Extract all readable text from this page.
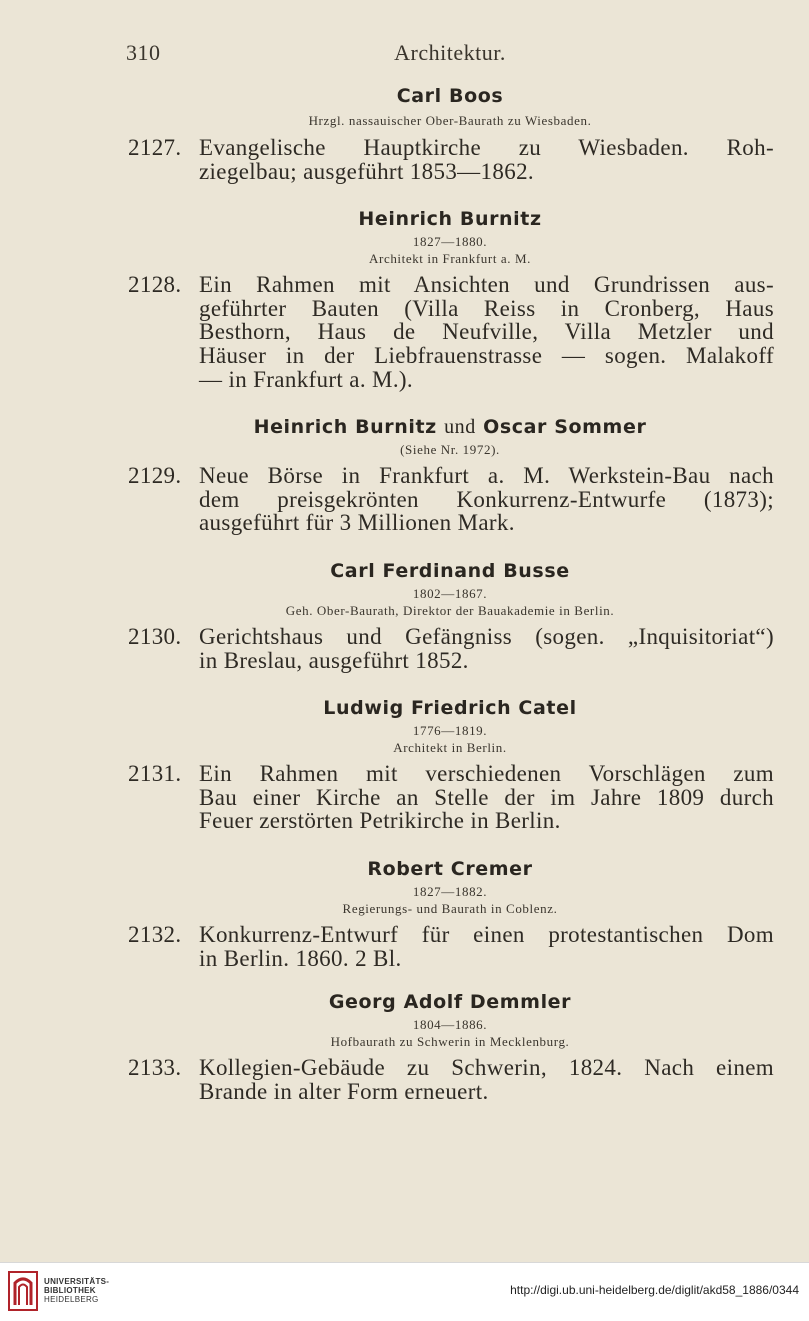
310	Architektur.
Carl Boos
Hrzgl. nassauischer Ober-Baurath zu Wiesbaden.
2127. Evangelische Hauptkirche zu Wiesbaden. Roh-
ziegelbau; ausgeführt 1853—1862.
Heinrich Burnitz
1827—1880.
Architekt in Frankfurt a. M.
2128. Ein Rahmen mit Ansichten und Grundrissen aus-
geführter Bauten (Villa Reiss in Cronberg, Haus
Besthorn, Haus de Neufville, Villa Metzler und
Häuser in der Liebfrauenstrasse — sogen. Malakoff
— in Frankfurt a. M.).
Heinrich Burnitz und Oscar Sommer
(Siehe Nr. 1972).
2129. Neue Börse in Frankfurt a. M. Werkstein-Bau nach
dem preisgekrönten Konkurrenz-Entwurfe (1873);
ausgeführt für 3 Millionen Mark.
Carl Ferdinand Busse
1802—1867.
Geh. Ober-Baurath, Direktor der Bauakademie in Berlin.
2130. Gerichtshaus und Gefängniss (sogen. „Inquisitoriat“)
in Breslau, ausgeführt 1852.
Ludwig Friedrich Catel
1776—1819.
Architekt in Berlin.
2131. Ein Rahmen mit verschiedenen Vorschlägen zum
Bau einer Kirche an Stelle der im Jahre 1809 durch
Feuer zerstörten Petrikirche in Berlin.
Robert Cremer
1827—1882.
Regierungs- und Baurath in Coblenz.
2132. Konkurrenz-Entwurf für einen protestantischen Dom
in Berlin. 1860. 2 Bl.
Georg Adolf Demmler
1804—1886.
Hofbaurath zu Schwerin in Mecklenburg.
2133. Kollegien-Gebäude zu Schwerin, 1824. Nach einem
Brande in alter Form erneuert.
UNIVERSITÄTS-
BIBLIOTHEK
HEIDELBERG
http://digi.ub.uni-heidelberg.de/diglit/akd58_1886/0344
